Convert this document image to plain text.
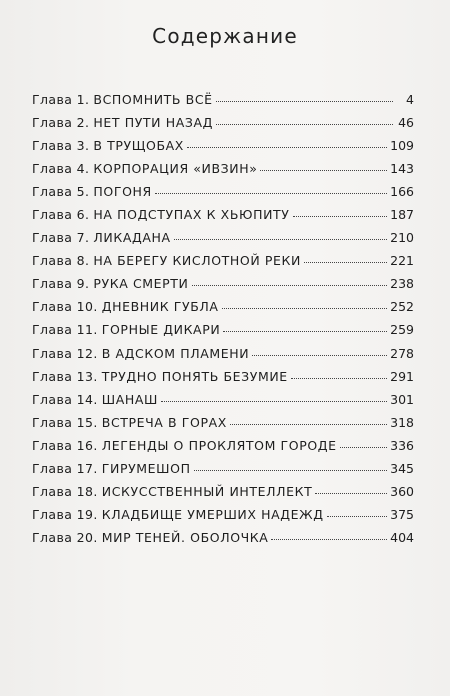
Содержание
Глава 1. ВСПОМНИТЬ ВСЁ	4
Глава 2. НЕТ ПУТИ НАЗАД	46
Глава 3. В ТРУЩОБАХ	109
Глава 4. КОРПОРАЦИЯ «ИВЗИН»	143
Глава 5. ПОГОНЯ	166
Глава 6. НА ПОДСТУПАХ К ХЬЮПИТУ	187
Глава 7. ЛИКАДАНА	210
Глава 8. НА БЕРЕГУ КИСЛОТНОЙ РЕКИ	221
Глава 9. РУКА СМЕРТИ	238
Глава 10. ДНЕВНИК ГУБЛА	252
Глава 11. ГОРНЫЕ ДИКАРИ	259
Глава 12. В АДСКОМ ПЛАМЕНИ	278
Глава 13. ТРУДНО ПОНЯТЬ БЕЗУМИЕ	291
Глава 14. ШАНАШ	301
Глава 15. ВСТРЕЧА В ГОРАХ	318
Глава 16. ЛЕГЕНДЫ О ПРОКЛЯТОМ ГОРОДЕ	336
Глава 17. ГИРУМЕШОП	345
Глава 18. ИСКУССТВЕННЫЙ ИНТЕЛЛЕКТ	360
Глава 19. КЛАДБИЩЕ УМЕРШИХ НАДЕЖД	375
Глава 20. МИР ТЕНЕЙ. ОБОЛОЧКА	404
